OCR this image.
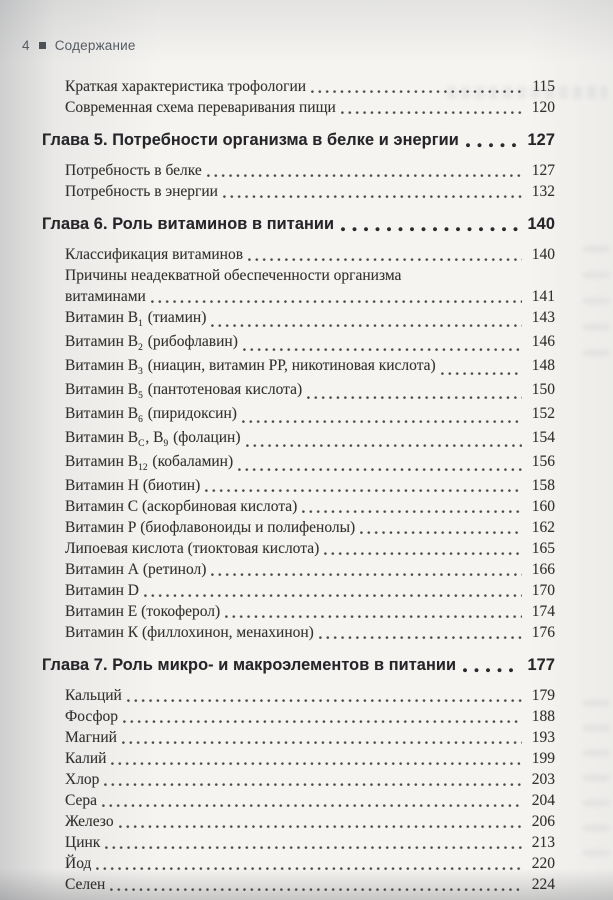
4 Содержание
Краткая характеристика трофологии	115
Современная схема переваривания пищи	120
Глава 5. Потребности организма в белке и энергии	127
Потребность в белке	127
Потребность в энергии	132
Глава 6. Роль витаминов в питании	140
Классификация витаминов	140
Причины неадекватной обеспеченности организма
витаминами	141
Витамин $В_1$ (тиамин)	143
Витамин $В_2$ (рибофлавин)	146
Витамин $В_3$ (ниацин, витамин РР, никотиновая кислота)	148
Витамин $В_5$ (пантотеновая кислота)	150
Витамин $В_6$ (пиридоксин)	152
Витамин $В_С$, $В_9$ (фолацин)	154
Витамин $В_{12}$ (кобаламин)	156
Витамин Н (биотин)	158
Витамин С (аскорбиновая кислота)	160
Витамин Р (биофлавоноиды и полифенолы)	162
Липоевая кислота (тиоктовая кислота)	165
Витамин А (ретинол)	166
Витамин D	170
Витамин Е (токоферол)	174
Витамин К (филлохинон, менахинон)	176
Глава 7. Роль микро- и макроэлементов в питании	177
Кальций	179
Фосфор	188
Магний	193
Калий	199
Хлор	203
Сера	204
Железо	206
Цинк	213
Йод	220
Селен	224
